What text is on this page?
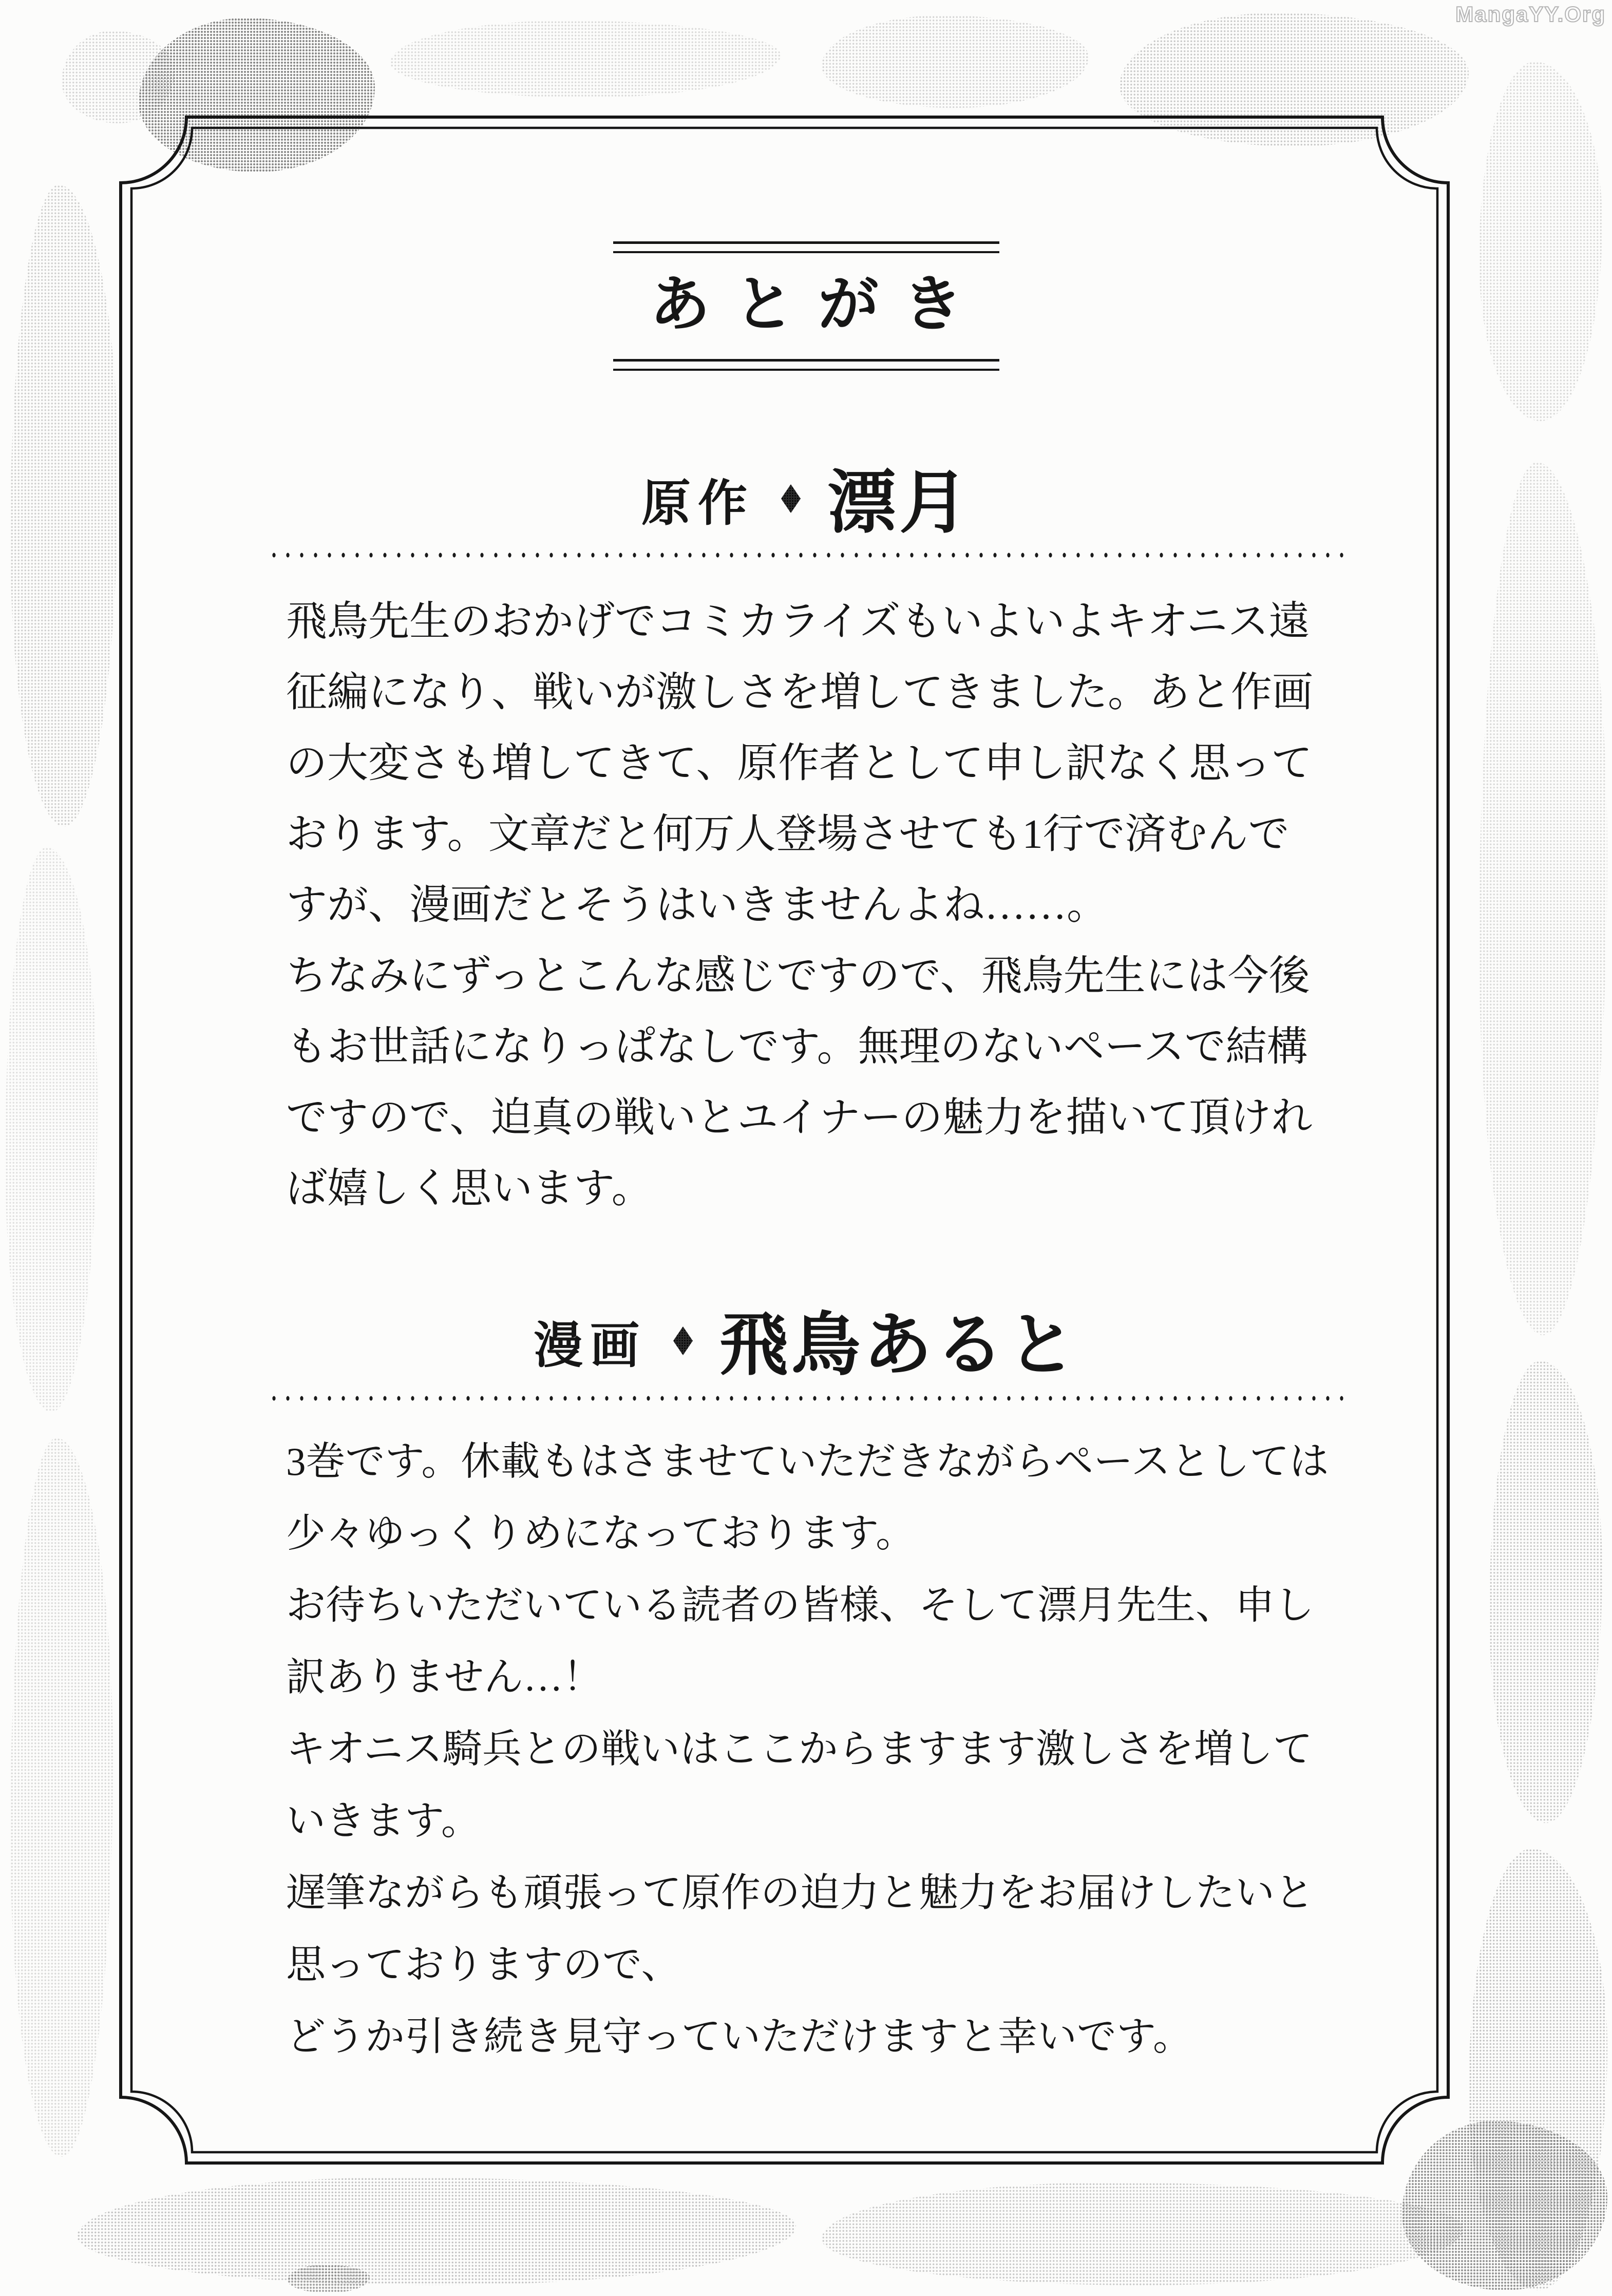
MangaYY.Org
あとがき
原作 漂月
飛鳥先生のおかげでコミカライズもいよいよキオニス遠
征編になり、戦いが激しさを増してきました。あと作画
の大変さも増してきて、原作者として申し訳なく思って
おります。文章だと何万人登場させても1行で済むんで
すが、漫画だとそうはいきませんよね……。
ちなみにずっとこんな感じですので、飛鳥先生には今後
もお世話になりっぱなしです。無理のないペースで結構
ですので、迫真の戦いとユイナーの魅力を描いて頂けれ
ば嬉しく思います。
漫画 飛鳥あると
3巻です。休載もはさませていただきながらペースとしては
少々ゆっくりめになっております。
お待ちいただいている読者の皆様、そして漂月先生、申し
訳ありません…！
キオニス騎兵との戦いはここからますます激しさを増して
いきます。
遅筆ながらも頑張って原作の迫力と魅力をお届けしたいと
思っておりますので、
どうか引き続き見守っていただけますと幸いです。
